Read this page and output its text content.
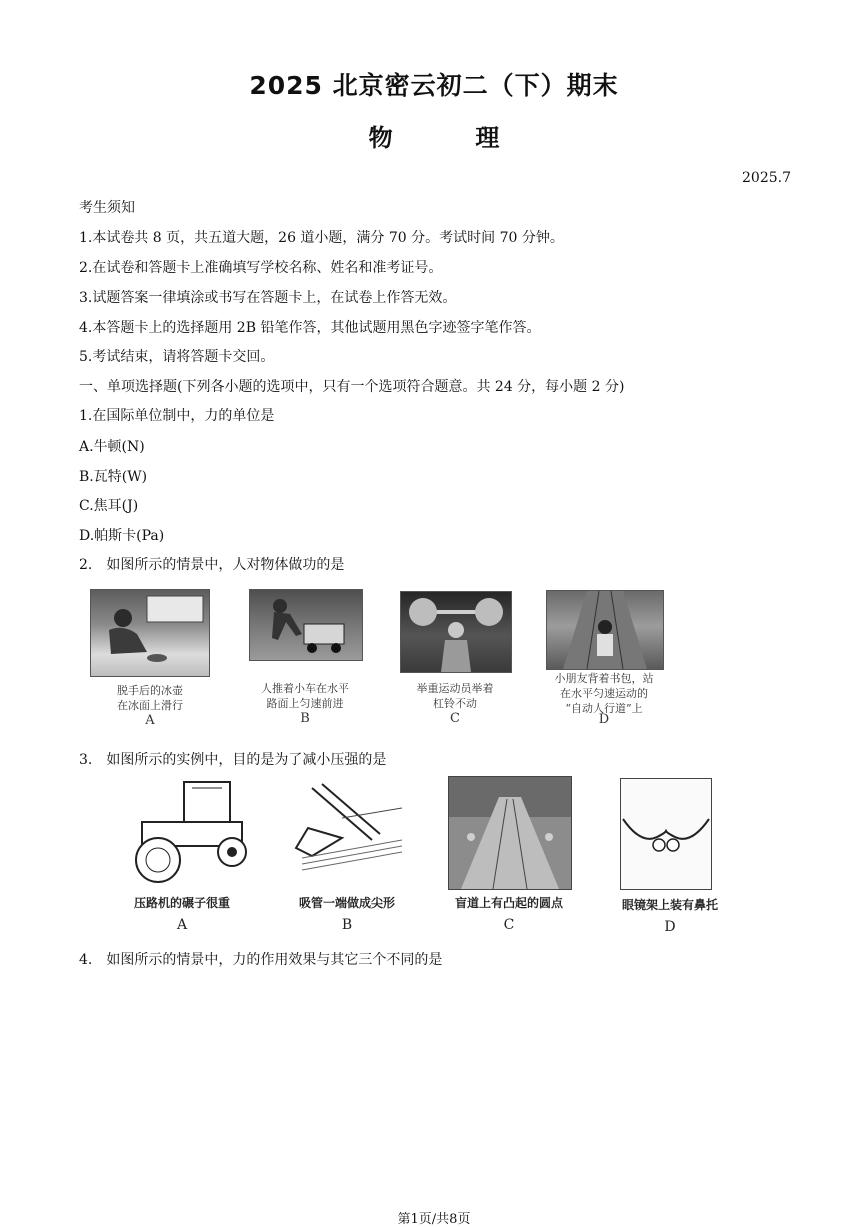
2025 北京密云初二（下）期末
物	理
2025.7
考生须知
1.本试卷共 8 页，共五道大题，26 道小题，满分 70 分。考试时间 70 分钟。
2.在试卷和答题卡上准确填写学校名称、姓名和准考证号。
3.试题答案一律填涂或书写在答题卡上，在试卷上作答无效。
4.本答题卡上的选择题用 2B 铅笔作答，其他试题用黑色字迹签字笔作答。
5.考试结束，请将答题卡交回。
一、单项选择题(下列各小题的选项中，只有一个选项符合题意。共 24 分，每小题 2 分)
1.在国际单位制中，力的单位是
A.牛顿(N)
B.瓦特(W)
C.焦耳(J)
D.帕斯卡(Pa)
2.　如图所示的情景中，人对物体做功的是
脱手后的冰壶
在冰面上滑行
A
人推着小车在水平
路面上匀速前进
B
举重运动员举着
杠铃不动
C
小朋友背着书包，站
在水平匀速运动的
“自动人行道”上
D
3.　如图所示的实例中，目的是为了减小压强的是
压路机的碾子很重
A
吸管一端做成尖形
B
盲道上有凸起的圆点
C
眼镜架上装有鼻托
D
4.　如图所示的情景中，力的作用效果与其它三个不同的是
第1页/共8页
